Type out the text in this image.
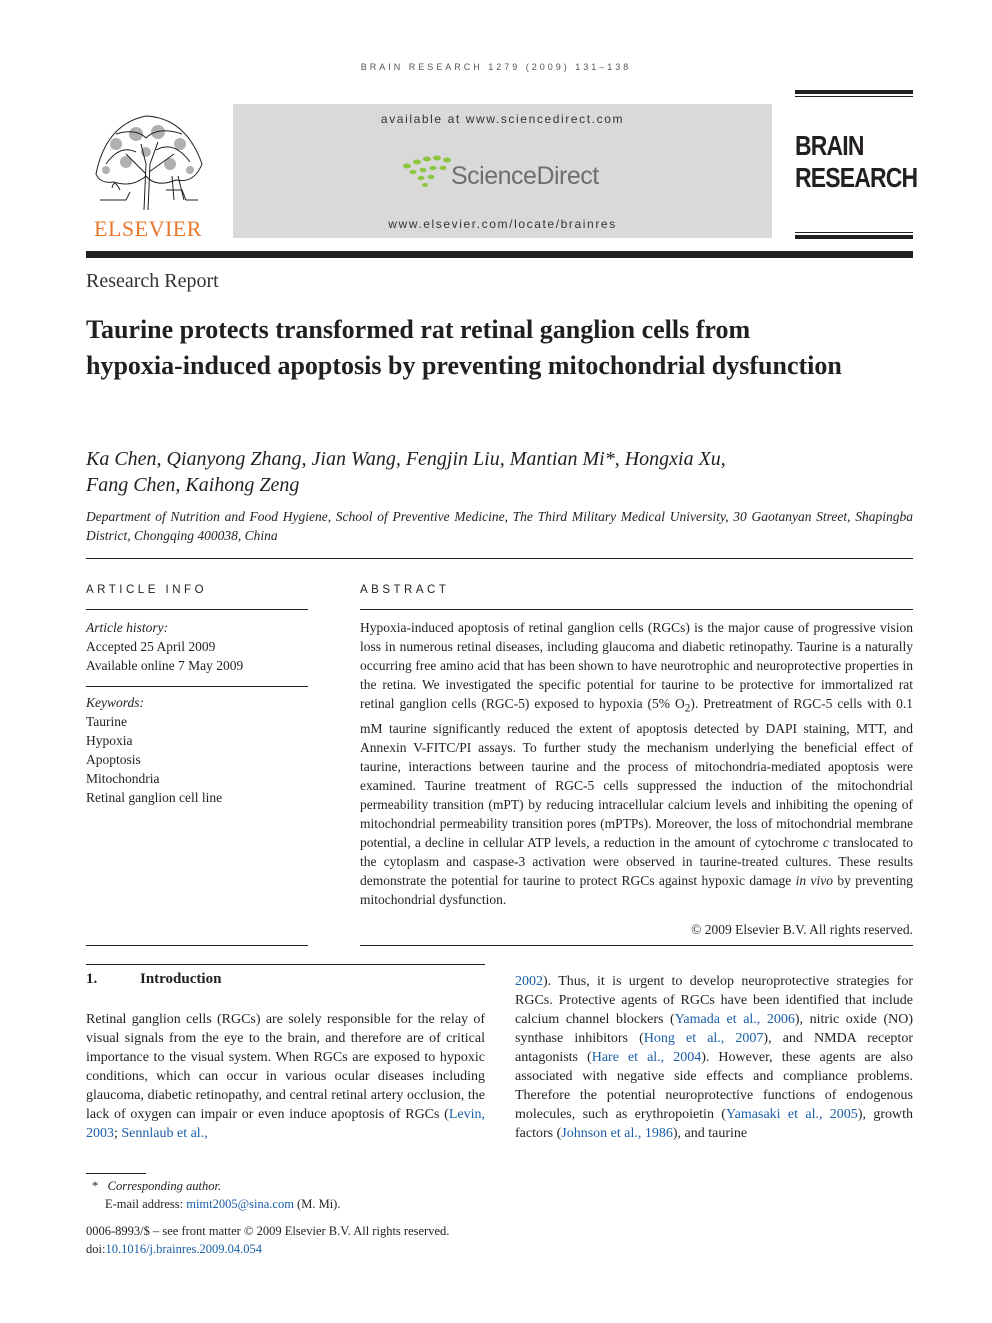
BRAIN RESEARCH 1279 (2009) 131–138
ELSEVIER
available at www.sciencedirect.com
ScienceDirect
www.elsevier.com/locate/brainres
BRAIN
RESEARCH
Research Report
Taurine protects transformed rat retinal ganglion cells from hypoxia-induced apoptosis by preventing mitochondrial dysfunction
Ka Chen, Qianyong Zhang, Jian Wang, Fengjin Liu, Mantian Mi*, Hongxia Xu,
Fang Chen, Kaihong Zeng
Department of Nutrition and Food Hygiene, School of Preventive Medicine, The Third Military Medical University, 30 Gaotanyan Street, Shapingba District, Chongqing 400038, China
ARTICLE INFO
Article history:
Accepted 25 April 2009
Available online 7 May 2009
Keywords:
Taurine
Hypoxia
Apoptosis
Mitochondria
Retinal ganglion cell line
ABSTRACT
Hypoxia-induced apoptosis of retinal ganglion cells (RGCs) is the major cause of progressive vision loss in numerous retinal diseases, including glaucoma and diabetic retinopathy. Taurine is a naturally occurring free amino acid that has been shown to have neurotrophic and neuroprotective properties in the retina. We investigated the specific potential for taurine to be protective for immortalized rat retinal ganglion cells (RGC-5) exposed to hypoxia (5% $O_2$). Pretreatment of RGC-5 cells with 0.1 mM taurine significantly reduced the extent of apoptosis detected by DAPI staining, MTT, and Annexin V-FITC/PI assays. To further study the mechanism underlying the beneficial effect of taurine, interactions between taurine and the process of mitochondria-mediated apoptosis were examined. Taurine treatment of RGC-5 cells suppressed the induction of the mitochondrial permeability transition (mPT) by reducing intracellular calcium levels and inhibiting the opening of mitochondrial permeability transition pores (mPTPs). Moreover, the loss of mitochondrial membrane potential, a decline in cellular ATP levels, a reduction in the amount of cytochrome c translocated to the cytoplasm and caspase-3 activation were observed in taurine-treated cultures. These results demonstrate the potential for taurine to protect RGCs against hypoxic damage in vivo by preventing mitochondrial dysfunction.
© 2009 Elsevier B.V. All rights reserved.
1.	Introduction
Retinal ganglion cells (RGCs) are solely responsible for the relay of visual signals from the eye to the brain, and therefore are of critical importance to the visual system. When RGCs are exposed to hypoxic conditions, which can occur in various ocular diseases including glaucoma, diabetic retinopathy, and central retinal artery occlusion, the lack of oxygen can impair or even induce apoptosis of RGCs (Levin, 2003; Sennlaub et al.,
2002). Thus, it is urgent to develop neuroprotective strategies for RGCs. Protective agents of RGCs have been identified that include calcium channel blockers (Yamada et al., 2006), nitric oxide (NO) synthase inhibitors (Hong et al., 2007), and NMDA receptor antagonists (Hare et al., 2004). However, these agents are also associated with negative side effects and compliance problems. Therefore the potential neuroprotective functions of endogenous molecules, such as erythropoietin (Yamasaki et al., 2005), growth factors (Johnson et al., 1986), and taurine
* Corresponding author.
E-mail address: mimt2005@sina.com (M. Mi).
0006-8993/$ – see front matter © 2009 Elsevier B.V. All rights reserved.
doi:10.1016/j.brainres.2009.04.054
